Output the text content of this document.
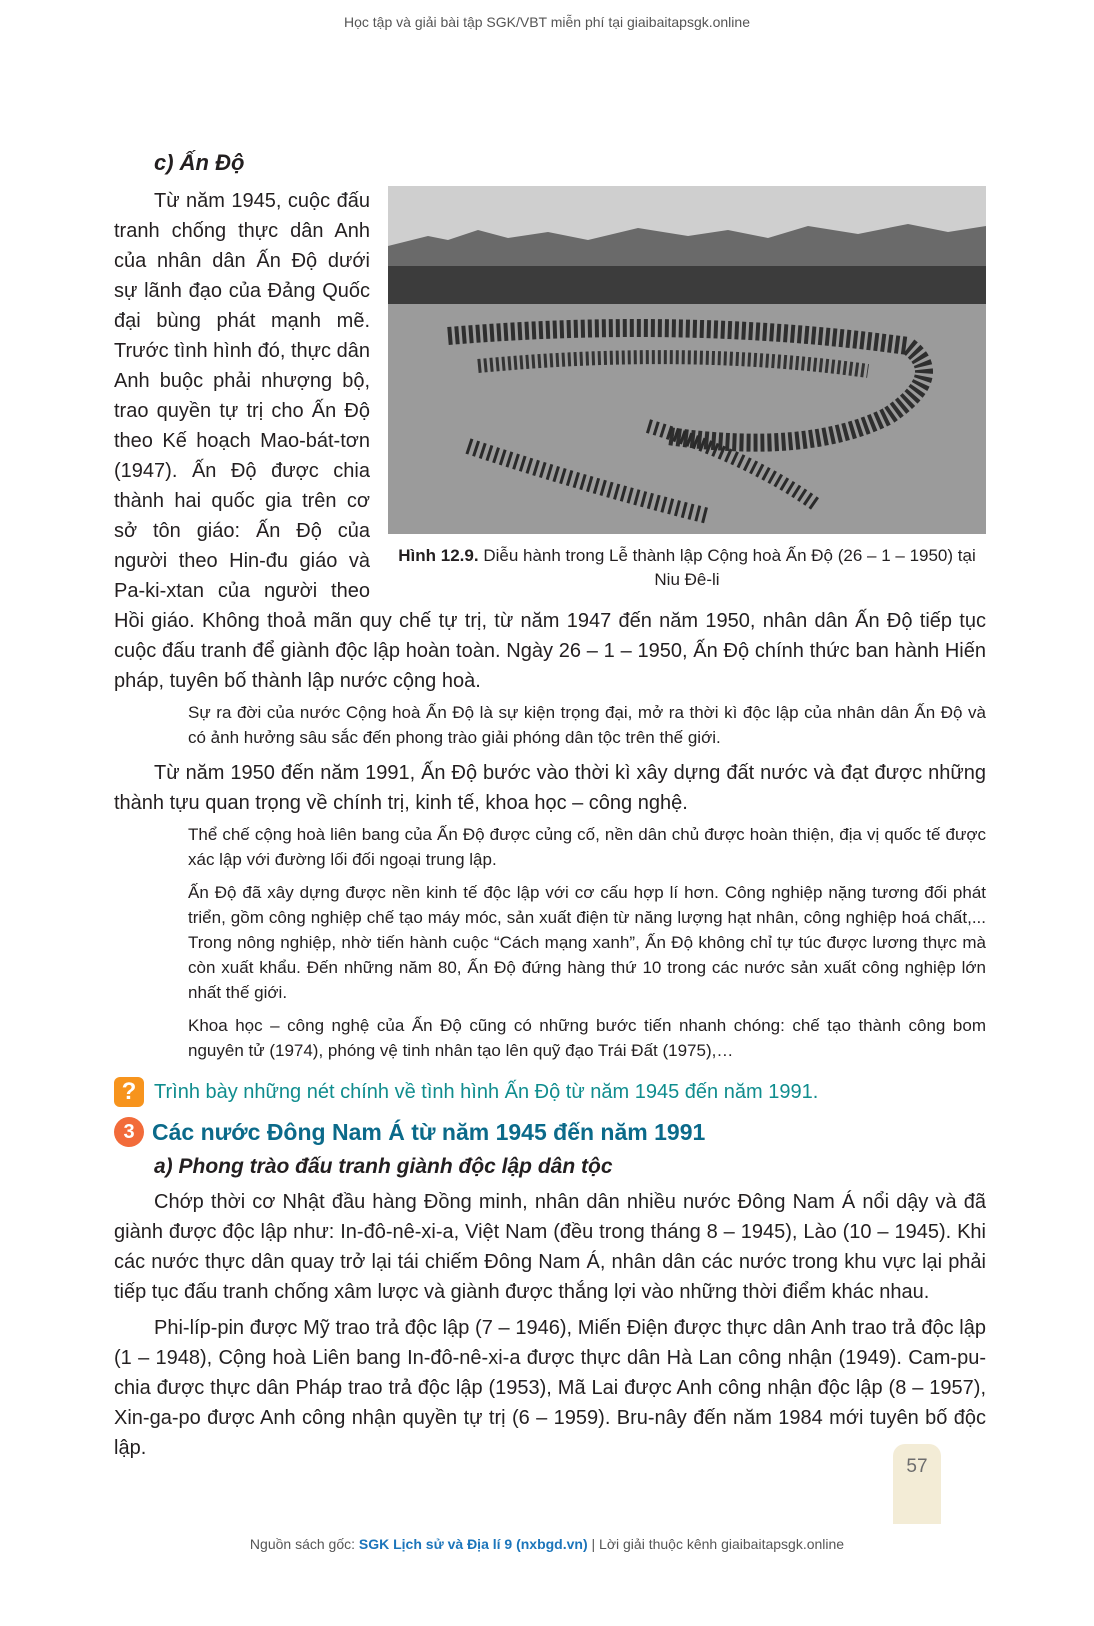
Học tập và giải bài tập SGK/VBT miễn phí tại giaibaitapsgk.online
c) Ấn Độ
Hình 12.9. Diễu hành trong Lễ thành lập Cộng hoà Ấn Độ (26 – 1 – 1950) tại Niu Đê-li

Từ năm 1945, cuộc đấu tranh chống thực dân Anh của nhân dân Ấn Độ dưới sự lãnh đạo của Đảng Quốc đại bùng phát mạnh mẽ. Trước tình hình đó, thực dân Anh buộc phải nhượng bộ, trao quyền tự trị cho Ấn Độ theo Kế hoạch Mao-bát-tơn (1947). Ấn Độ được chia thành hai quốc gia trên cơ sở tôn giáo: Ấn Độ của người theo Hin-đu giáo và Pa-ki-xtan của người theo Hồi giáo. Không thoả mãn quy chế tự trị, từ năm 1947 đến năm 1950, nhân dân Ấn Độ tiếp tục cuộc đấu tranh để giành độc lập hoàn toàn. Ngày 26 – 1 – 1950, Ấn Độ chính thức ban hành Hiến pháp, tuyên bố thành lập nước cộng hoà.

Sự ra đời của nước Cộng hoà Ấn Độ là sự kiện trọng đại, mở ra thời kì độc lập của nhân dân Ấn Độ và có ảnh hưởng sâu sắc đến phong trào giải phóng dân tộc trên thế giới.

Từ năm 1950 đến năm 1991, Ấn Độ bước vào thời kì xây dựng đất nước và đạt được những thành tựu quan trọng về chính trị, kinh tế, khoa học – công nghệ.

Thể chế cộng hoà liên bang của Ấn Độ được củng cố, nền dân chủ được hoàn thiện, địa vị quốc tế được xác lập với đường lối đối ngoại trung lập.
Ấn Độ đã xây dựng được nền kinh tế độc lập với cơ cấu hợp lí hơn. Công nghiệp nặng tương đối phát triển, gồm công nghiệp chế tạo máy móc, sản xuất điện từ năng lượng hạt nhân, công nghiệp hoá chất,... Trong nông nghiệp, nhờ tiến hành cuộc “Cách mạng xanh”, Ấn Độ không chỉ tự túc được lương thực mà còn xuất khẩu. Đến những năm 80, Ấn Độ đứng hàng thứ 10 trong các nước sản xuất công nghiệp lớn nhất thế giới.
Khoa học – công nghệ của Ấn Độ cũng có những bước tiến nhanh chóng: chế tạo thành công bom nguyên tử (1974), phóng vệ tinh nhân tạo lên quỹ đạo Trái Đất (1975),…
? Trình bày những nét chính về tình hình Ấn Độ từ năm 1945 đến năm 1991.
3 Các nước Đông Nam Á từ năm 1945 đến năm 1991
a) Phong trào đấu tranh giành độc lập dân tộc

Chớp thời cơ Nhật đầu hàng Đồng minh, nhân dân nhiều nước Đông Nam Á nổi dậy và đã giành được độc lập như: In-đô-nê-xi-a, Việt Nam (đều trong tháng 8 – 1945), Lào (10 – 1945). Khi các nước thực dân quay trở lại tái chiếm Đông Nam Á, nhân dân các nước trong khu vực lại phải tiếp tục đấu tranh chống xâm lược và giành được thắng lợi vào những thời điểm khác nhau.

Phi-líp-pin được Mỹ trao trả độc lập (7 – 1946), Miến Điện được thực dân Anh trao trả độc lập (1 – 1948), Cộng hoà Liên bang In-đô-nê-xi-a được thực dân Hà Lan công nhận (1949). Cam-pu-chia được thực dân Pháp trao trả độc lập (1953), Mã Lai được Anh công nhận độc lập (8 – 1957), Xin-ga-po được Anh công nhận quyền tự trị (6 – 1959). Bru-nây đến năm 1984 mới tuyên bố độc lập.

57
Nguồn sách gốc: SGK Lịch sử và Địa lí 9 (nxbgd.vn) | Lời giải thuộc kênh giaibaitapsgk.online
